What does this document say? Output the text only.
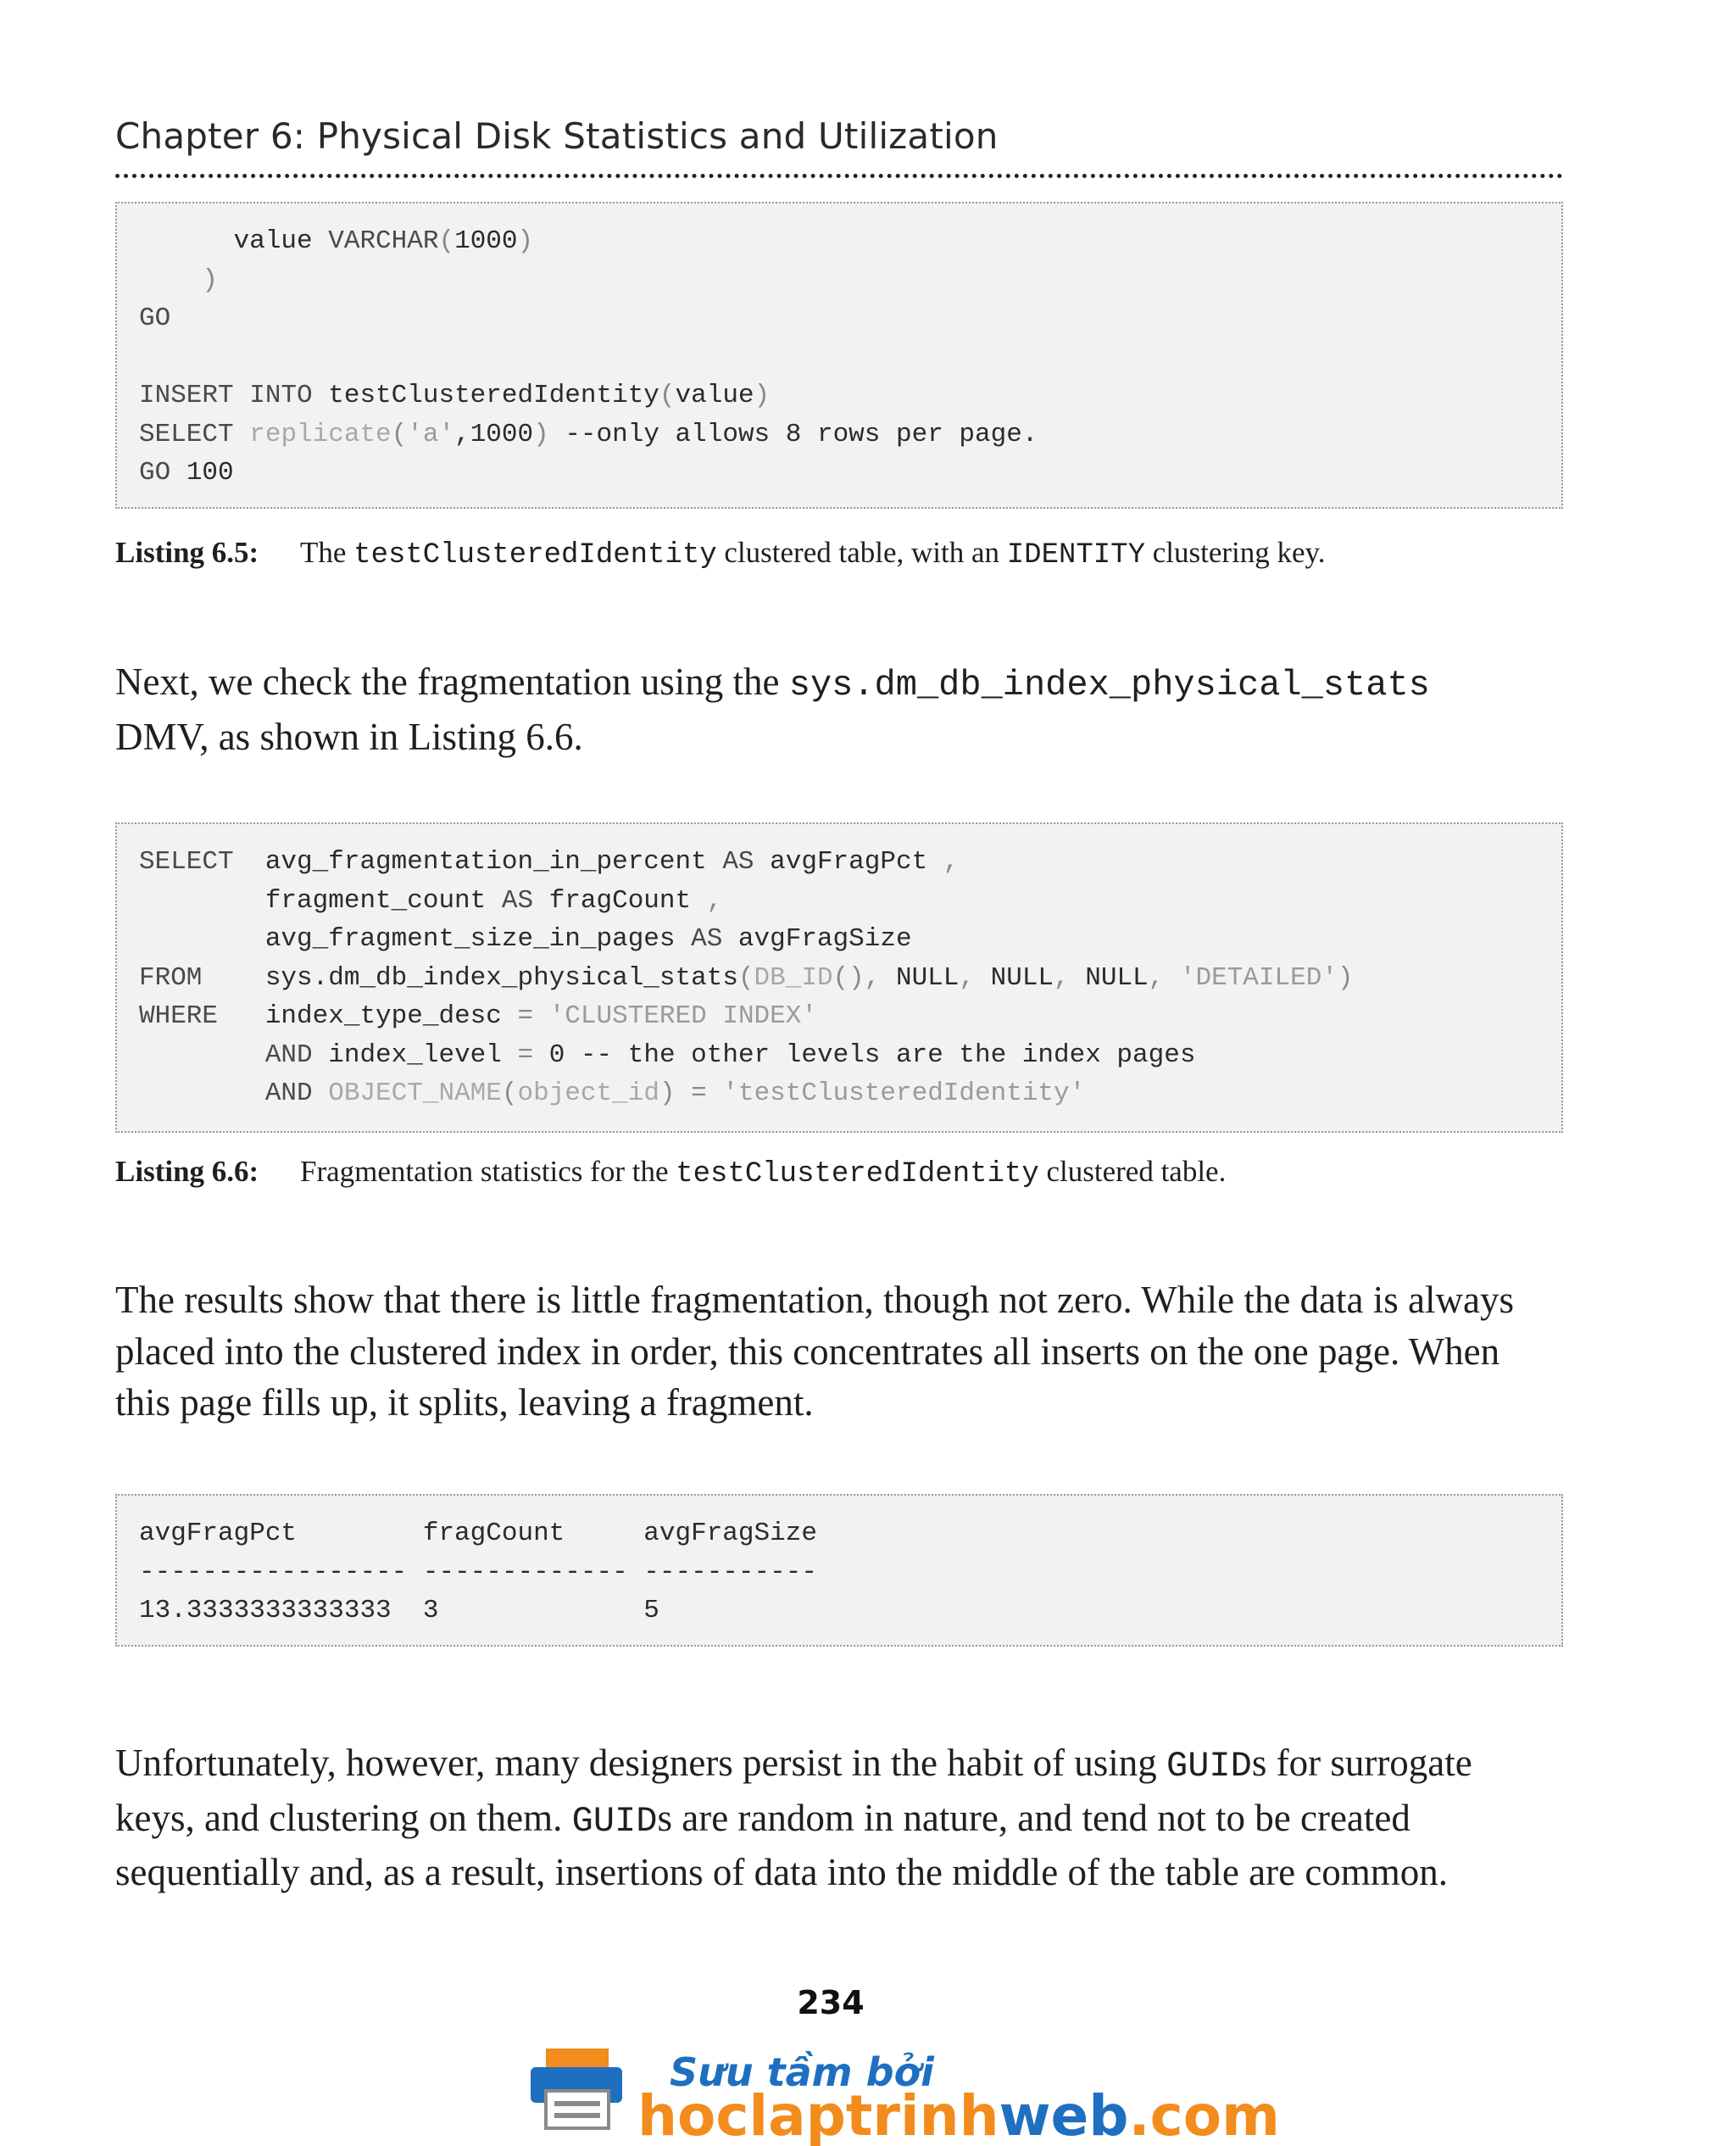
Chapter 6: Physical Disk Statistics and Utilization
value VARCHAR(1000)
)
GO
INSERT INTO testClusteredIdentity(value)
SELECT replicate('a',1000) --only allows 8 rows per page.
GO 100
Listing 6.5: The testClusteredIdentity clustered table, with an IDENTITY clustering key.
Next, we check the fragmentation using the sys.dm_db_index_physical_stats DMV, as shown in Listing 6.6.
SELECT  avg_fragmentation_in_percent AS avgFragPct ,
fragment_count AS fragCount ,
avg_fragment_size_in_pages AS avgFragSize
FROM    sys.dm_db_index_physical_stats(DB_ID(), NULL, NULL, NULL, 'DETAILED')
WHERE   index_type_desc = 'CLUSTERED INDEX'
AND index_level = 0 -- the other levels are the index pages
AND OBJECT_NAME(object_id) = 'testClusteredIdentity'
Listing 6.6: Fragmentation statistics for the testClusteredIdentity clustered table.
The results show that there is little fragmentation, though not zero. While the data is always placed into the clustered index in order, this concentrates all inserts on the one page. When this page fills up, it splits, leaving a fragment.
avgFragPct        fragCount     avgFragSize
----------------- ------------- -----------
13.3333333333333  3             5
Unfortunately, however, many designers persist in the habit of using GUIDs for surrogate keys, and clustering on them. GUIDs are random in nature, and tend not to be created sequentially and, as a result, insertions of data into the middle of the table are common.
234
Sưu tầm bởi
hoclaptrinhweb.com
